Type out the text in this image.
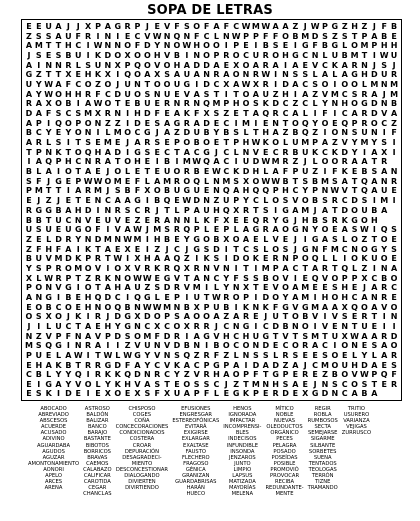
SOPA DE LETRAS
E E U A J J X P A G R P J E V F S O F A F C W M W A A Z J W P G Z H Z J F B
Z S S A U F R I N I E C V W N Q N F C L N W P P F F O B M D S Z S T P A B E
A M T T H C I W N N O F D Y N O W H O O I P E I B S E I G F B G L O M P H H
J S E S B U I K D O X O O H V B I N O P R O C U R O H G C N L U B M T I W U
A I N N R L S U N X P Q O V O H A D D A E X O A R A I A E V C K A R N J S J
G Z T T X E H K X I Q O A X S A U A N R A O N R W I N S S L A L A G H D U R
U Y W A F C O Z O J U N T O O U G I D C X A W X R I D A C S O I O O L M N M
A Y W O H H R F C D U O S N U E V A S T I T O A U Z H I A Z V M C S R A J M
R A X O B I A W O T E B U E R N R N Q M P H O S K D C Z C L Y N H O G D N B
D A F S C S M X R N I H D F E A K F X S Z E T A Q R C A L I F I C A R D V A
A P I Q O P O N Z Z I D E S A G R A D E C I M I E N T O Q Y O E Q P R O C Z
B C Y E Y O N I L M O C G J A Z D U B Y B S L T H A Z B Q Z I O N S U N I F
A R L S I T S E M E J A R S E P O B O E T P H W K O L U M P A Z V Y M Y S I
T P N K T O Q H A D I G S E C T A C G J C L N V E C R B U K C K D Y I A X I
I A Q P H C N R A T O H E I B I M W Q A C I U D W M R Z J L O O R A A T R
B L A I O T A E J O L E T E U O R B E W C K D H L A F P U Z I F K E B S A N
S F J G E P W W O M E F L A M R O Q L N M S X O W W B T S B M S A T Q A N R
P M T T I A R M J S B F X O B U G U E N Q A H Q Q P H C Y P N W V T Q A U E
E J Z J E T E N C A A G I B Q E W D N Z U P Y C L O S V O B S R C D S I M I
R G G B A H D I N R S C R J T L P A U H Q X R T S I G A M J A T D O U B A
B B T U C N V E U V E Z E R A N N L K F X E E Q R Y G J H B S R K G O H
U S U E U G O F I V A W J M S R Q P L E P L A G R A O G N Y O E A S W I Q S
Z E L D R Y N D M N W M I H B E Y G O B X O A E L V E J I G A S L O Z T O E
Z F H F A I K T A E X E I Z J C J G S D I T C S L O S J G N F M C N O G Y S
B U V M D K P R T W I X H A A Q Z I K S I D O K E R N P O Q L L I O K U O E
Y S P R O M O V I O X V R K R Q X R N V N I T I M P A C T A R T Q L Z I N A
X L W R P T Z R K N O W W E G V T A N C Y F S S B O V I E Q V O P P X C B O
P O N V G I O T A H A U Z S D R V M I L Y N X T E V O A M E E S H E J A R C
A N G I B E H Q D C I Q G L E P I U T W R O P I D O Y A M I H O H C A N R E
E O B C O E H N O Q B N W W M N B X P U B I K N K F G V G M A A X Q O A V O
O S X O J K I R J D G X D O P S A O O A Z A R E J U T O B V I V S E R T I N
J I L U C T A E H Y G N C X C O X R R J C N G I C D B N O I V E N T U E I I
N Z V P F N A V P D S O M F D R I A G V H C H U G T V T S M T U X W A A R D
M S Q G I N R A I I Z V U N V D B N I B O C O N D E C O R A C I O N E S A O
P U E L A W I T W L W G Y V N S Q Z R F Z L N S S L R S E E S O E L Y L A R
E H A K B T R R G D F A Y C V K A C P G P A I D A D Z A J C M O U H D A E S
C B L Y Y Q I R K K Q D N R C Y Z V R H A O P F T G P E R E Z B O V W P Q F
E I G A Y V O L Y K H V A S T E O S S C J Z T M N H S A E J N S C O S T E R
E S K I D E I E X O E X S F X U A P F L E G K P E R D E X G D N C A B A
ABOCADO
ABREVIADO
ABSCESOS
ACUERDE
ACUSADO
ADIVINO
AGUARDABA
AGUDOS
AGUZAR
AMONTONAMIENTO
AONORI
APELO
ARCES
ARENA
ASTROSO
BALDÓN
BALIZAR
BANCO
BARAJO
BASTANTE
BIBOTOS
BORRICOS
BRAVAS
CAEMOS
CALABAZO
CALIFICAR
CAROTIDA
CEGAR
CHANCLAS
CHISPOSO
COGES
COÑA
CONCECORACIONES
CONDICIONADOS
COSTERA
CROAR
DEPURACIÓN
DESAGRADECI-
MIENTO
DESCONCESTIONAR
DIALOGANDO
DIVIERTEN
DIVIRTIENDO
EFUSIONES
ENGRESGAR
ESTEREOFÓNICAS
EVITARÁ
EXIGIRSE
EXLARGAR
EXALTASE
FAUSTO
FLECHERO
FRAGOSO
GÉNICA
GRANIZAN
GUARDABRISAS
HARÁN
HUECO
HENOS
IGNORADA
IMPACTAR
INCOMPRENSI-
BLES
INDECISOS
INFUNDIBLE
INSONDA
JENZAROS
JUNTO
LIMPIO
LAPSUS
MATIZADA
MAYORÍAS
MELENA
MÍTICO
NOBLE
NUEVAS
OLEODUCTOS
ORGÁNICO
PECES
PELAGRA
POSADO
POSEÍDAS
POSIBLE
PROMOVIÓ
PROVOCAR
RECIBA
REDUNDANTE-
MENTE
REGIR
ROBLA
RUMBOSOS
SECTA
SEMEJARSE
SIGARME
SILBANTE
SORBETES
SUENA
TENTADOS
TEOLOGAS
TERRÓN
TIZNE
TRAMANDO
TRITIO
USURERO
VARIANZA
VEJIGAS
ZURRUSCO
